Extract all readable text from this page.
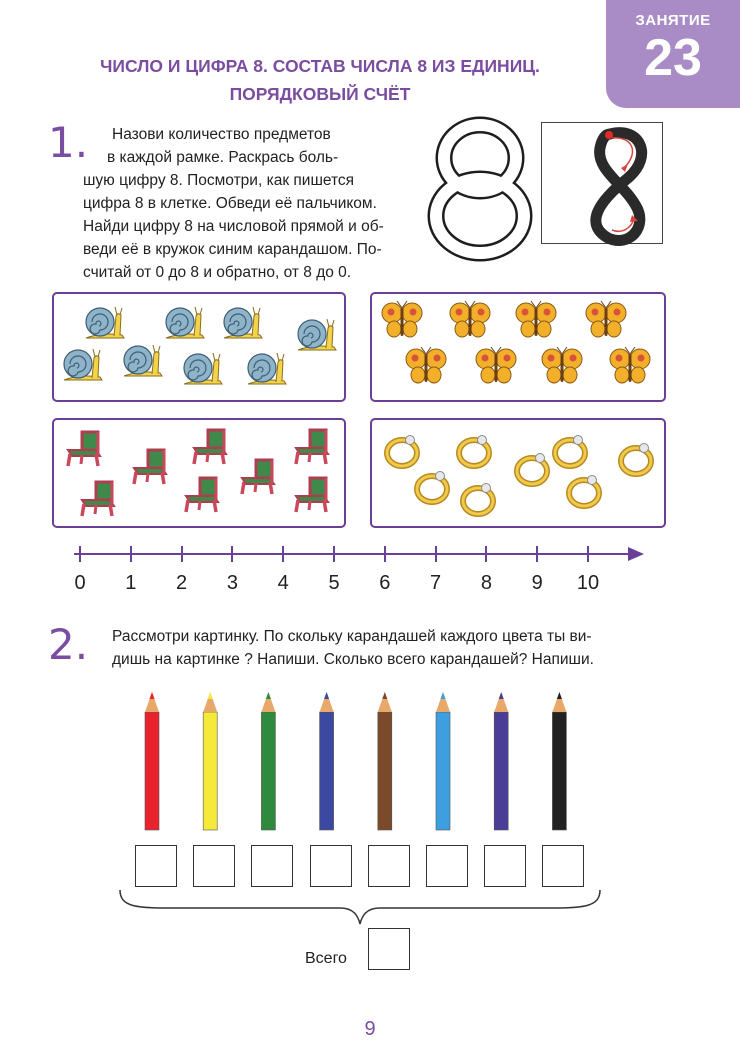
ЗАНЯТИЕ
23
ЧИСЛО И ЦИФРА 8. СОСТАВ ЧИСЛА 8 ИЗ ЕДИНИЦ.
ПОРЯДКОВЫЙ СЧЁТ
1. Назови количество предметов
в каждой рамке. Раскрась боль-
шую цифру 8. Посмотри, как пишется
цифра 8 в клетке. Обведи её пальчиком.
Найди цифру 8 на числовой прямой и об-
веди её в кружок синим карандашом. По-
считай от 0 до 8 и обратно, от 8 до 0.
0 1 2 3 4 5 6 7 8 9 10
2. Рассмотри картинку. По скольку карандашей каждого цвета ты ви-
дишь на картинке ? Напиши. Сколько всего карандашей? Напиши.
Всего
9
